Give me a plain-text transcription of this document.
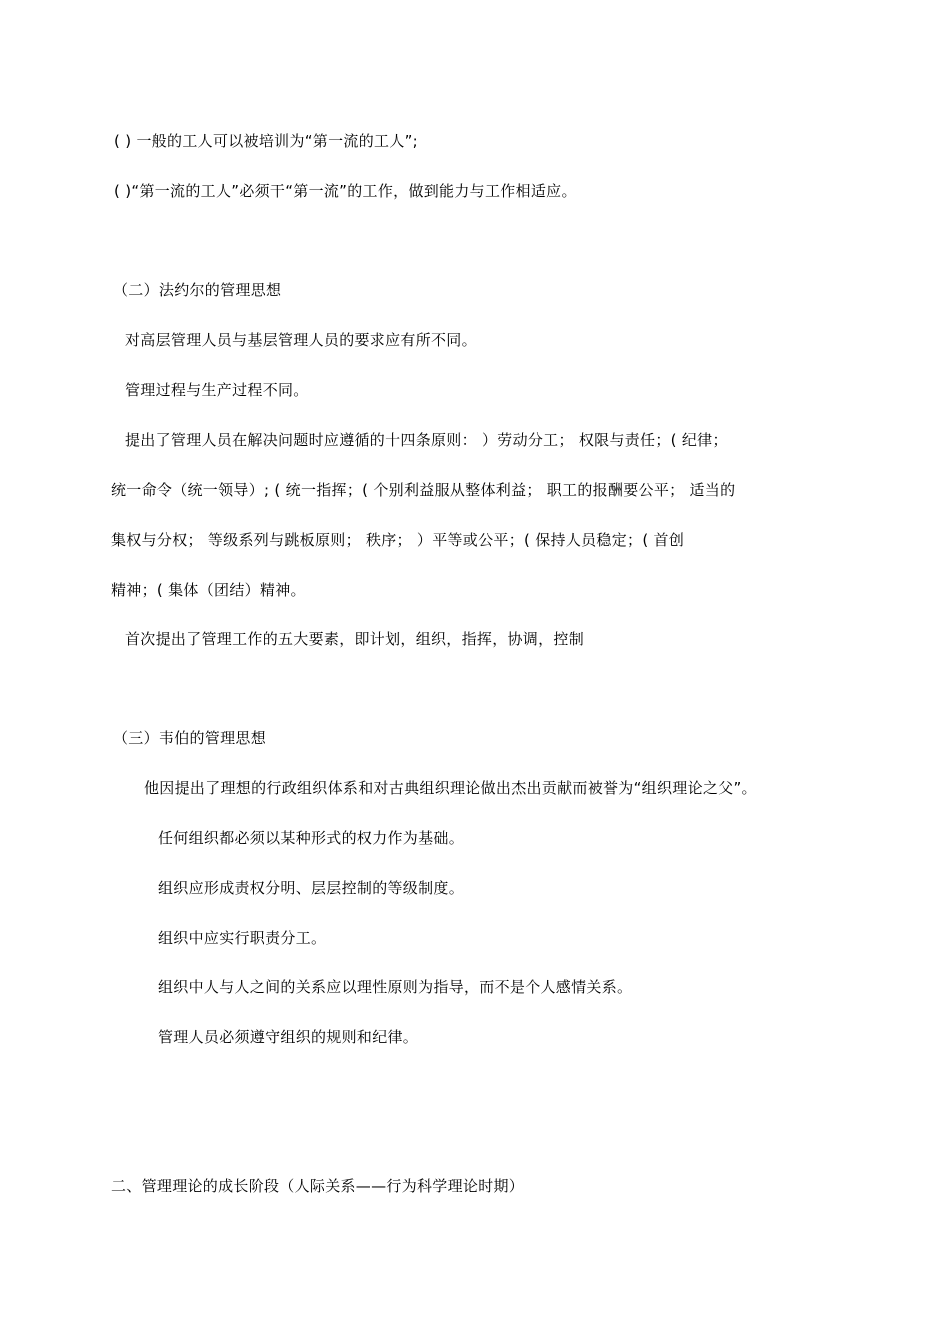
( ) 一般的工人可以被培训为“第一流的工人”;
( )“第一流的工人”必须干“第一流”的工作，做到能力与工作相适应。
（二）法约尔的管理思想
对高层管理人员与基层管理人员的要求应有所不同。
管理过程与生产过程不同。
提出了管理人员在解决问题时应遵循的十四条原则： ）劳动分工； 权限与责任；( 纪律；
统一命令（统一领导）; ( 统一指挥；( 个别利益服从整体利益； 职工的报酬要公平； 适当的
集权与分权； 等级系列与跳板原则； 秩序； ）平等或公平；( 保持人员稳定；( 首创
精神；( 集体（团结）精神。
首次提出了管理工作的五大要素，即计划，组织，指挥，协调，控制
（三）韦伯的管理思想
他因提出了理想的行政组织体系和对古典组织理论做出杰出贡献而被誉为“组织理论之父”。
任何组织都必须以某种形式的权力作为基础。
组织应形成责权分明、层层控制的等级制度。
组织中应实行职责分工。
组织中人与人之间的关系应以理性原则为指导，而不是个人感情关系。
管理人员必须遵守组织的规则和纪律。
二、管理理论的成长阶段（人际关系——行为科学理论时期）
